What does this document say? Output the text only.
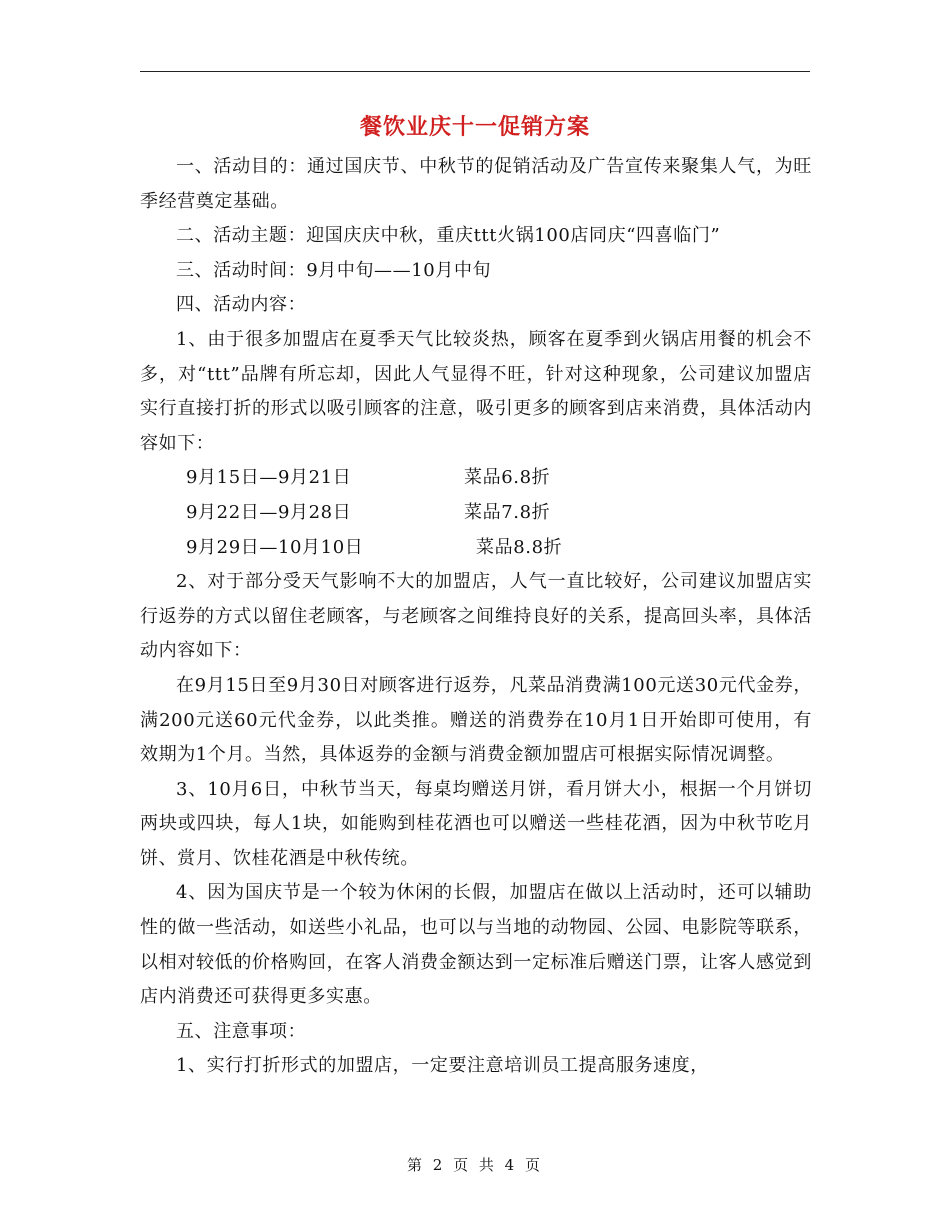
餐饮业庆十一促销方案

一、活动目的：通过国庆节、中秋节的促销活动及广告宣传来聚集人气，为旺季经营奠定基础。

二、活动主题：迎国庆庆中秋，重庆ttt火锅100店同庆“四喜临门”

三、活动时间：9月中旬——10月中旬

四、活动内容：

1、由于很多加盟店在夏季天气比较炎热，顾客在夏季到火锅店用餐的机会不多，对“ttt”品牌有所忘却，因此人气显得不旺，针对这种现象，公司建议加盟店实行直接打折的形式以吸引顾客的注意，吸引更多的顾客到店来消费，具体活动内容如下：

9月15日—9月21日	菜品6.8折
9月22日—9月28日	菜品7.8折
9月29日—10月10日	菜品8.8折

2、对于部分受天气影响不大的加盟店，人气一直比较好，公司建议加盟店实行返券的方式以留住老顾客，与老顾客之间维持良好的关系，提高回头率，具体活动内容如下：

在9月15日至9月30日对顾客进行返券，凡菜品消费满100元送30元代金券，满200元送60元代金券，以此类推。赠送的消费券在10月1日开始即可使用，有效期为1个月。当然，具体返券的金额与消费金额加盟店可根据实际情况调整。

3、10月6日，中秋节当天，每桌均赠送月饼，看月饼大小，根据一个月饼切两块或四块，每人1块，如能购到桂花酒也可以赠送一些桂花酒，因为中秋节吃月饼、赏月、饮桂花酒是中秋传统。

4、因为国庆节是一个较为休闲的长假，加盟店在做以上活动时，还可以辅助性的做一些活动，如送些小礼品，也可以与当地的动物园、公园、电影院等联系，以相对较低的价格购回，在客人消费金额达到一定标准后赠送门票，让客人感觉到店内消费还可获得更多实惠。

五、注意事项：

1、实行打折形式的加盟店，一定要注意培训员工提高服务速度，

第 2 页 共 4 页
